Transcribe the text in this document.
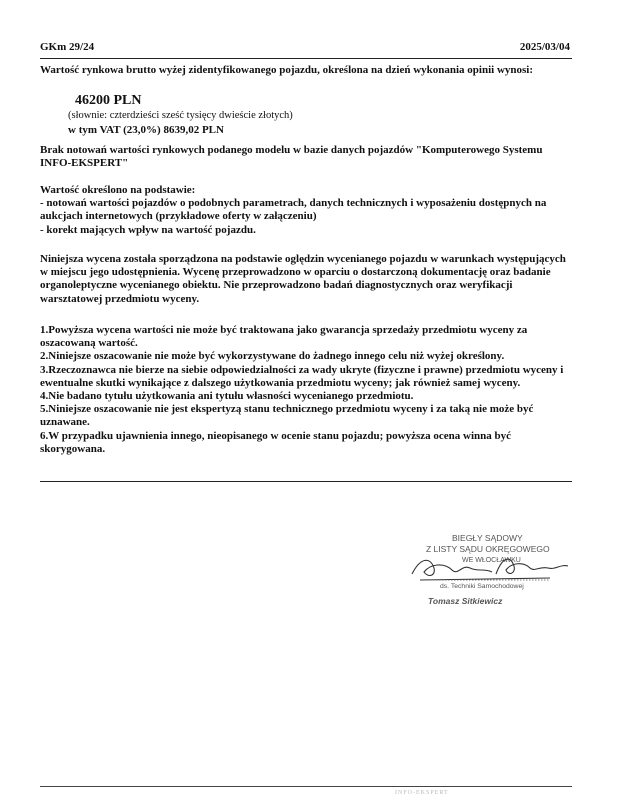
GKm 29/24	2025/03/04

Wartość rynkowa brutto wyżej zidentyfikowanego pojazdu, określona na dzień wykonania opinii wynosi:

46200 PLN
(słownie: czterdzieści sześć tysięcy dwieście złotych)
w tym VAT (23,0%) 8639,02 PLN

Brak notowań wartości rynkowych podanego modelu w bazie danych pojazdów "Komputerowego Systemu INFO-EKSPERT"

Wartość określono na podstawie:

- notowań wartości pojazdów o podobnych parametrach, danych technicznych i wyposażeniu dostępnych na aukcjach internetowych (przykładowe oferty w załączeniu)

- korekt mających wpływ na wartość pojazdu.

Niniejsza wycena została sporządzona na podstawie oględzin wycenianego pojazdu w warunkach występujących w miejscu jego udostępnienia. Wycenę przeprowadzono w oparciu o dostarczoną dokumentację oraz badanie organoleptyczne wycenianego obiektu. Nie przeprowadzono badań diagnostycznych oraz weryfikacji warsztatowej przedmiotu wyceny.

1.Powyższa wycena wartości nie może być traktowana jako gwarancja sprzedaży przedmiotu wyceny za oszacowaną wartość.

2.Niniejsze oszacowanie nie może być wykorzystywane do żadnego innego celu niż wyżej określony.

3.Rzeczoznawca nie bierze na siebie odpowiedzialności za wady ukryte (fizyczne i prawne) przedmiotu wyceny i ewentualne skutki wynikające z dalszego użytkowania przedmiotu wyceny; jak również samej wyceny.

4.Nie badano tytułu użytkowania ani tytułu własności wycenianego przedmiotu.

5.Niniejsze oszacowanie nie jest ekspertyzą stanu technicznego przedmiotu wyceny i za taką nie może być uznawane.

6.W przypadku ujawnienia innego, nieopisanego w ocenie stanu pojazdu; powyższa ocena winna być skorygowana.

BIEGŁY SĄDOWY
Z LISTY SĄDU OKRĘGOWEGO
WE WŁOCŁAWKU
ds. Techniki Samochodowej
Tomasz Sitkiewicz
INFO-EKSPERT
